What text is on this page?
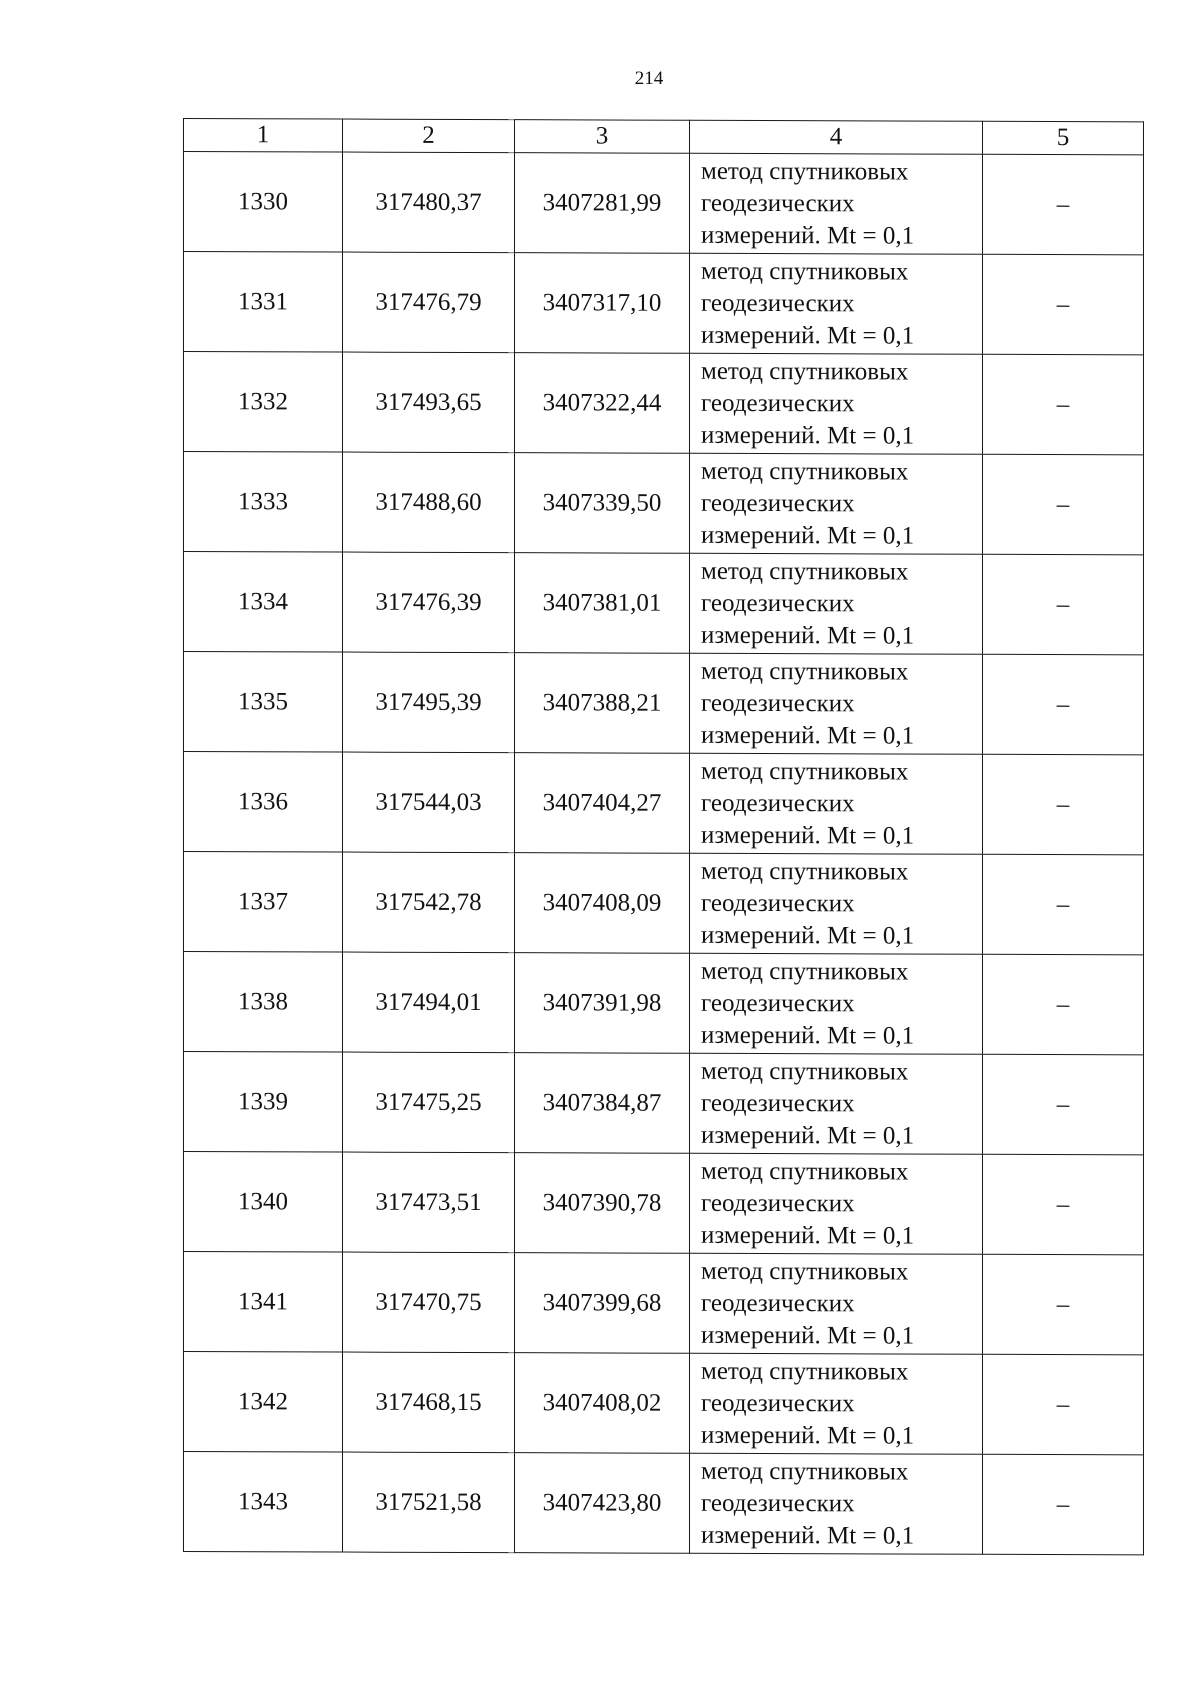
214
1	2	3	4	5
1330	317480,37	3407281,99	метод спутниковых
геодезических
измерений. Mt = 0,1	–
1331	317476,79	3407317,10	метод спутниковых
геодезических
измерений. Mt = 0,1	–
1332	317493,65	3407322,44	метод спутниковых
геодезических
измерений. Mt = 0,1	–
1333	317488,60	3407339,50	метод спутниковых
геодезических
измерений. Mt = 0,1	–
1334	317476,39	3407381,01	метод спутниковых
геодезических
измерений. Mt = 0,1	–
1335	317495,39	3407388,21	метод спутниковых
геодезических
измерений. Mt = 0,1	–
1336	317544,03	3407404,27	метод спутниковых
геодезических
измерений. Mt = 0,1	–
1337	317542,78	3407408,09	метод спутниковых
геодезических
измерений. Mt = 0,1	–
1338	317494,01	3407391,98	метод спутниковых
геодезических
измерений. Mt = 0,1	–
1339	317475,25	3407384,87	метод спутниковых
геодезических
измерений. Mt = 0,1	–
1340	317473,51	3407390,78	метод спутниковых
геодезических
измерений. Mt = 0,1	–
1341	317470,75	3407399,68	метод спутниковых
геодезических
измерений. Mt = 0,1	–
1342	317468,15	3407408,02	метод спутниковых
геодезических
измерений. Mt = 0,1	–
1343	317521,58	3407423,80	метод спутниковых
геодезических
измерений. Mt = 0,1	–
